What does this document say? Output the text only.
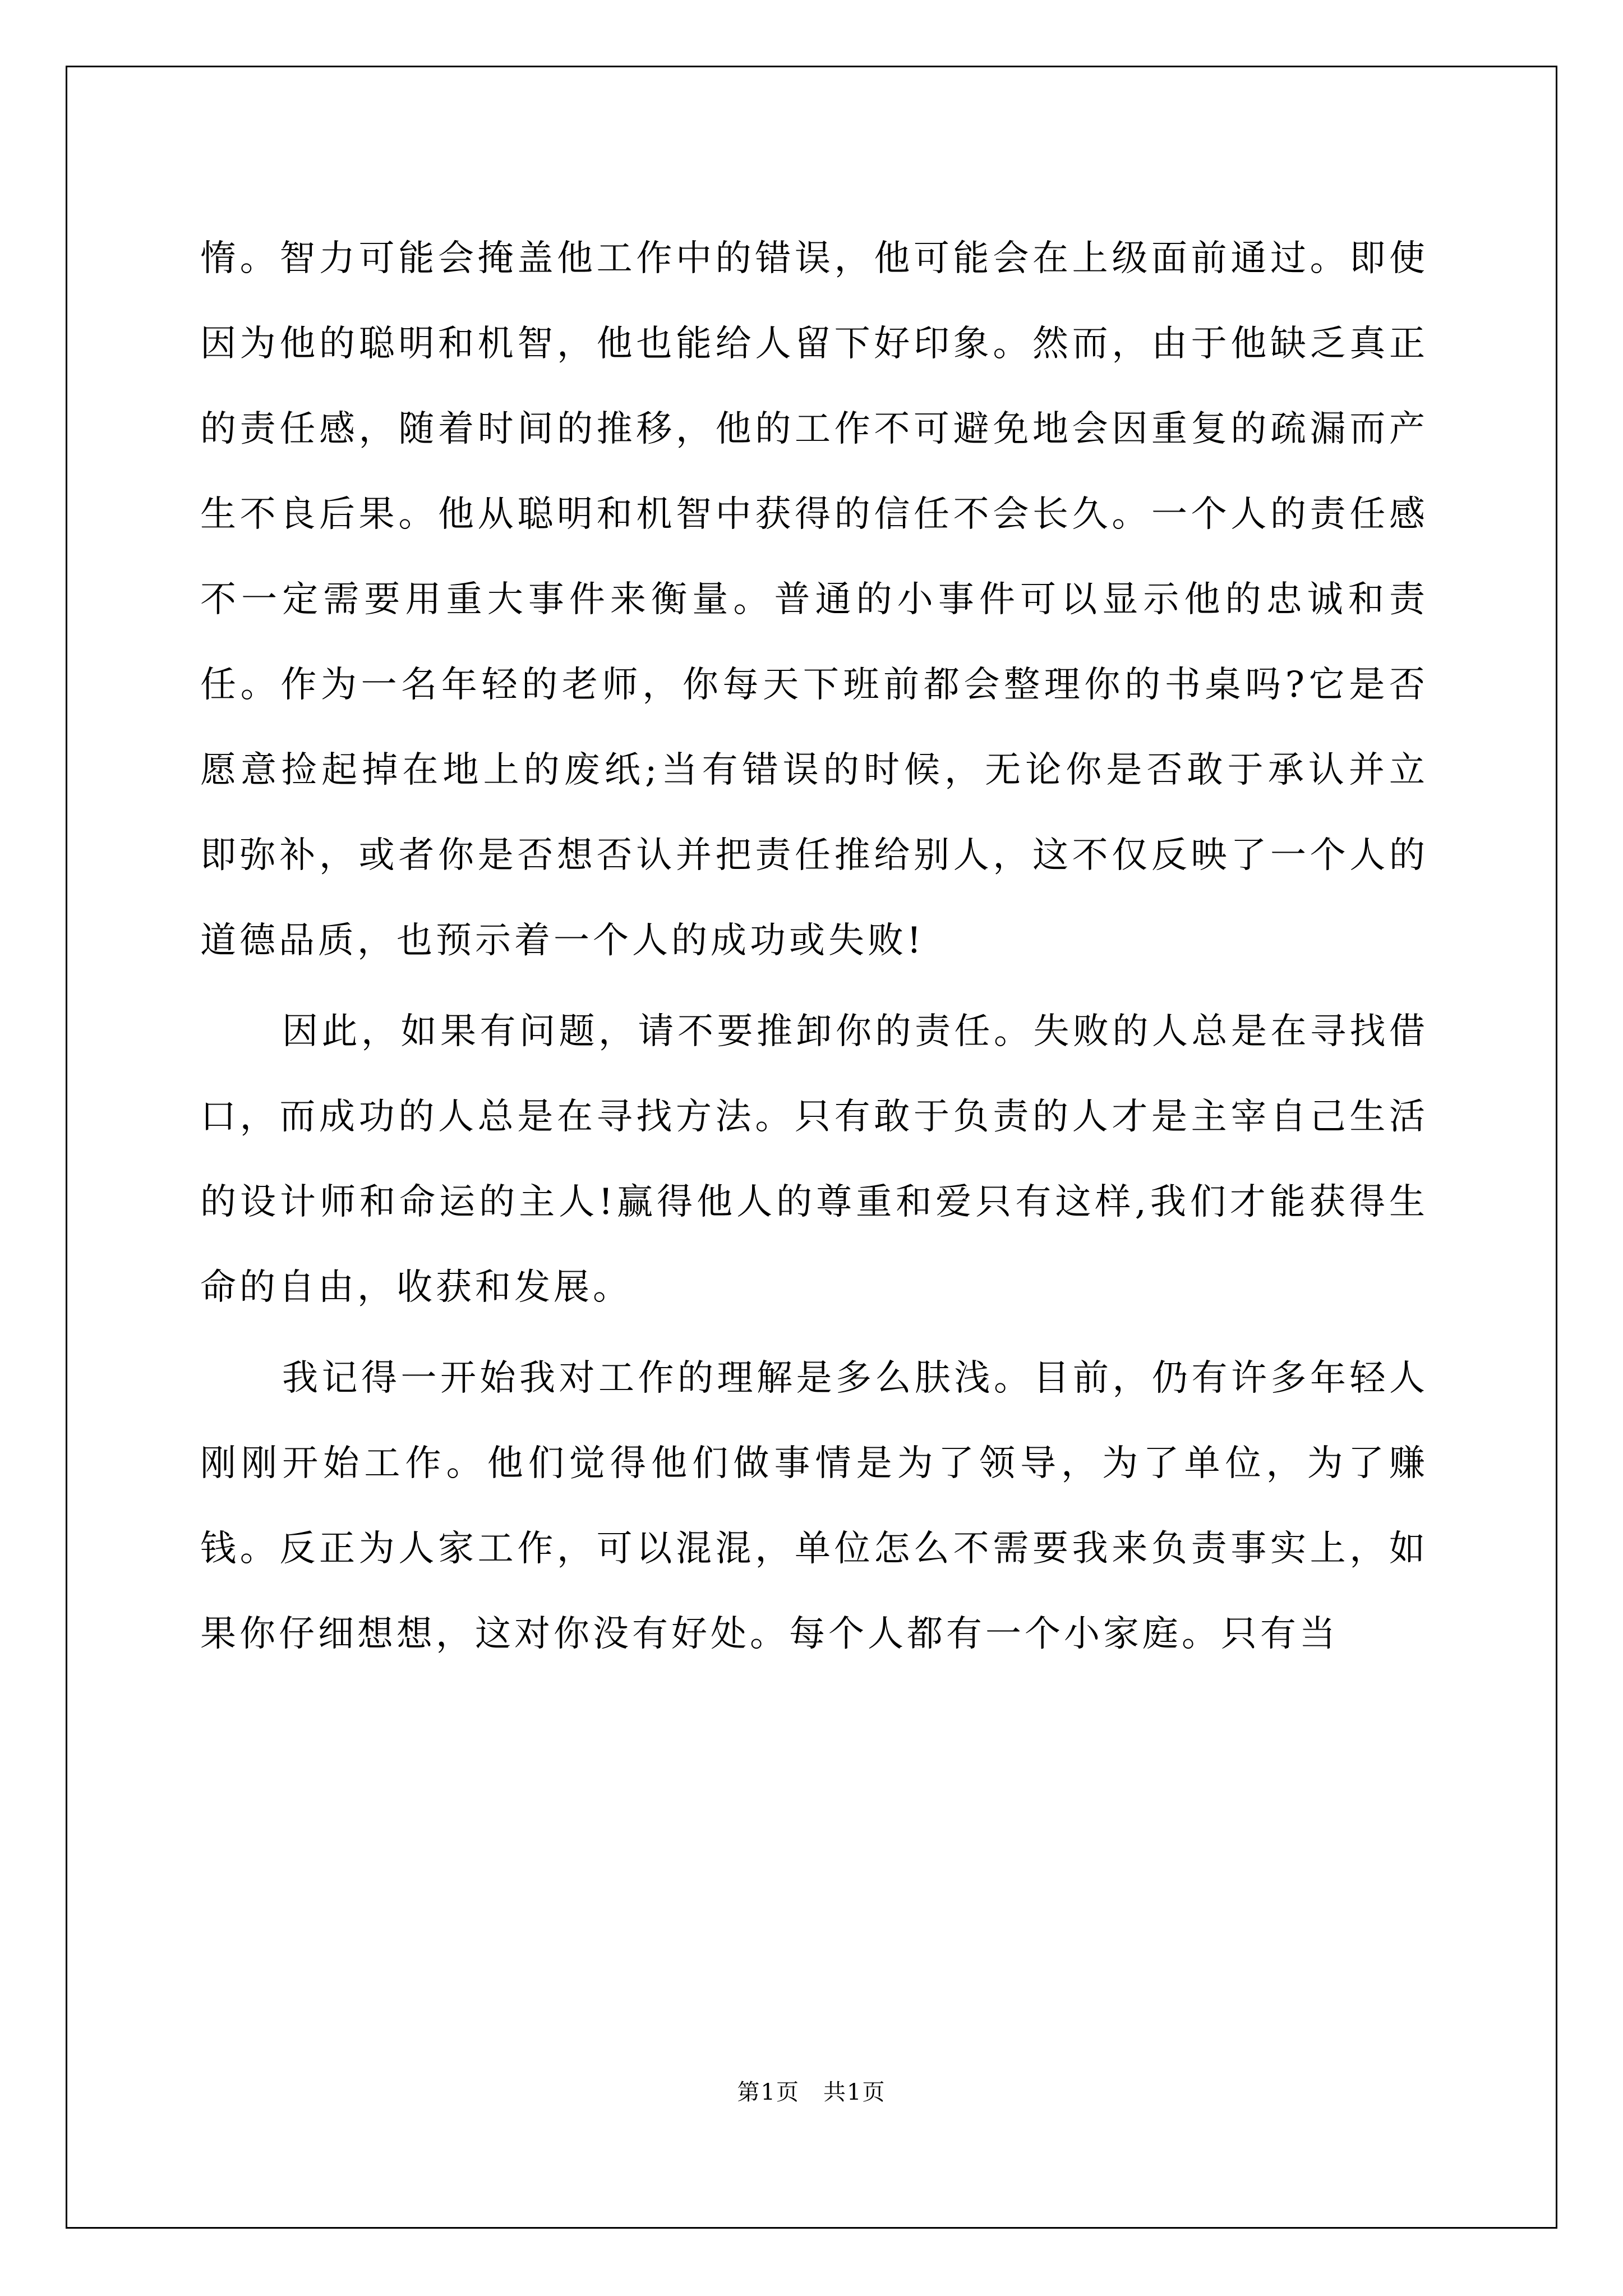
惰。智力可能会掩盖他工作中的错误，他可能会在上级面前通过。即使因为他的聪明和机智，他也能给人留下好印象。然而，由于他缺乏真正的责任感，随着时间的推移，他的工作不可避免地会因重复的疏漏而产生不良后果。他从聪明和机智中获得的信任不会长久。一个人的责任感不一定需要用重大事件来衡量。普通的小事件可以显示他的忠诚和责任。作为一名年轻的老师，你每天下班前都会整理你的书桌吗?它是否愿意捡起掉在地上的废纸;当有错误的时候，无论你是否敢于承认并立即弥补，或者你是否想否认并把责任推给别人，这不仅反映了一个人的道德品质，也预示着一个人的成功或失败!

因此，如果有问题，请不要推卸你的责任。失败的人总是在寻找借口，而成功的人总是在寻找方法。只有敢于负责的人才是主宰自己生活的设计师和命运的主人!赢得他人的尊重和爱只有这样,我们才能获得生命的自由，收获和发展。

我记得一开始我对工作的理解是多么肤浅。目前，仍有许多年轻人刚刚开始工作。他们觉得他们做事情是为了领导，为了单位，为了赚钱。反正为人家工作，可以混混，单位怎么不需要我来负责事实上，如果你仔细想想，这对你没有好处。每个人都有一个小家庭。只有当

第1页　共1页
